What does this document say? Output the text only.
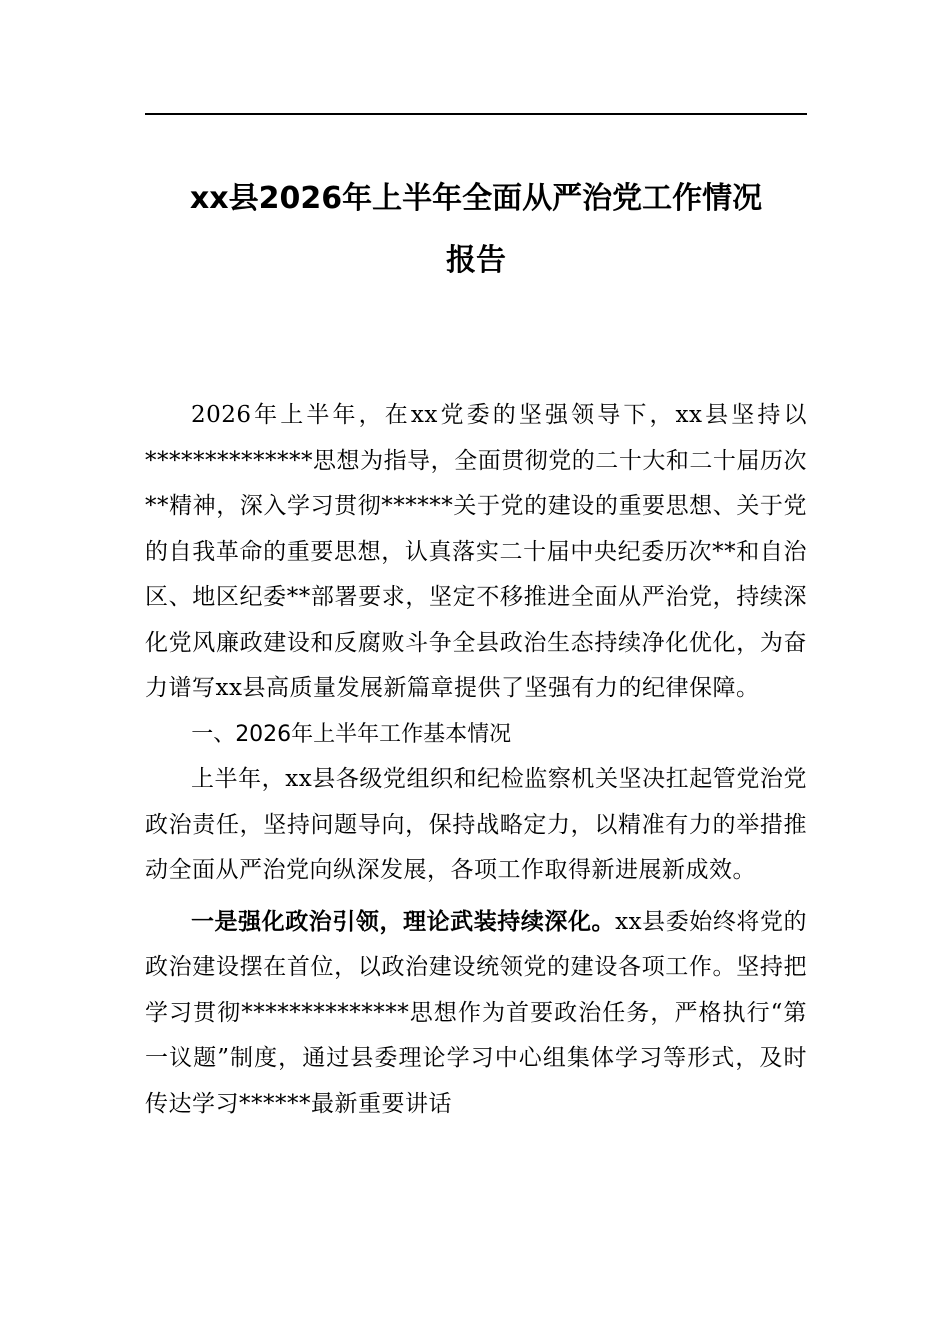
xx县2026年上半年全面从严治党工作情况
报告

2026年上半年，在xx党委的坚强领导下，xx县坚持以**************思想为指导，全面贯彻党的二十大和二十届历次**精神，深入学习贯彻******关于党的建设的重要思想、关于党的自我革命的重要思想，认真落实二十届中央纪委历次**和自治区、地区纪委**部署要求，坚定不移推进全面从严治党，持续深化党风廉政建设和反腐败斗争全县政治生态持续净化优化，为奋力谱写xx县高质量发展新篇章提供了坚强有力的纪律保障。

一、2026年上半年工作基本情况

上半年，xx县各级党组织和纪检监察机关坚决扛起管党治党政治责任，坚持问题导向，保持战略定力，以精准有力的举措推动全面从严治党向纵深发展，各项工作取得新进展新成效。

一是强化政治引领，理论武装持续深化。xx县委始终将党的政治建设摆在首位，以政治建设统领党的建设各项工作。坚持把学习贯彻**************思想作为首要政治任务，严格执行“第一议题”制度，通过县委理论学习中心组集体学习等形式，及时传达学习******最新重要讲话
